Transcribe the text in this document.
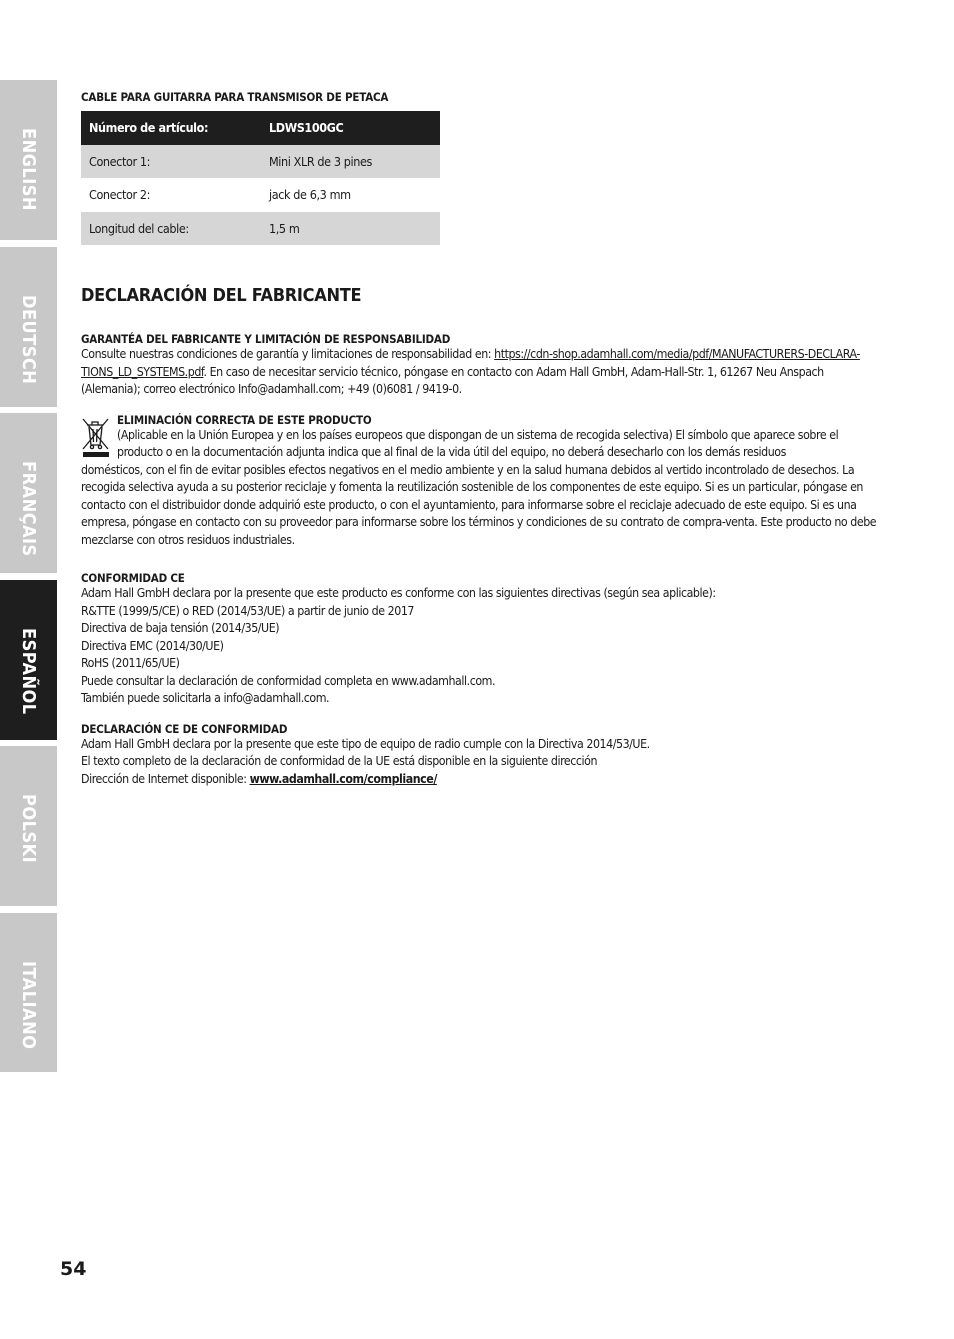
ENGLISH
DEUTSCH
FRANÇAIS
ESPAÑOL
POLSKI
ITALIANO

CABLE PARA GUITARRA PARA TRANSMISOR DE PETACA

Número de artículo:	LDWS100GC
Conector 1:	Mini XLR de 3 pines
Conector 2:	jack de 6,3 mm
Longitud del cable:	1,5 m
DECLARACIÓN DEL FABRICANTE

GARANTÉA DEL FABRICANTE Y LIMITACIÓN DE RESPONSABILIDAD

Consulte nuestras condiciones de garantía y limitaciones de responsabilidad en: https://cdn-shop.adamhall.com/media/pdf/MANUFACTURERS-DECLARA-
TIONS_LD_SYSTEMS.pdf. En caso de necesitar servicio técnico, póngase en contacto con Adam Hall GmbH, Adam-Hall-Str. 1, 61267 Neu Anspach (Alemania); correo electrónico Info@adamhall.com; +49 (0)6081 / 9419-0.

ELIMINACIÓN CORRECTA DE ESTE PRODUCTO

(Aplicable en la Unión Europea y en los países europeos que dispongan de un sistema de recogida selectiva) El símbolo que aparece sobre el

producto o en la documentación adjunta indica que al final de la vida útil del equipo, no deberá desecharlo con los demás residuos

domésticos, con el fin de evitar posibles efectos negativos en el medio ambiente y en la salud humana debidos al vertido incontrolado de desechos. La recogida selectiva ayuda a su posterior reciclaje y fomenta la reutilización sostenible de los componentes de este equipo. Si es un particular, póngase en contacto con el distribuidor donde adquirió este producto, o con el ayuntamiento, para informarse sobre el reciclaje adecuado de este equipo. Si es una empresa, póngase en contacto con su proveedor para informarse sobre los términos y condiciones de su contrato de compra-venta. Este producto no debe mezclarse con otros residuos industriales.

CONFORMIDAD CE

Adam Hall GmbH declara por la presente que este producto es conforme con las siguientes directivas (según sea aplicable):

R&TTE (1999/5/CE) o RED (2014/53/UE) a partir de junio de 2017

Directiva de baja tensión (2014/35/UE)

Directiva EMC (2014/30/UE)

RoHS (2011/65/UE)

Puede consultar la declaración de conformidad completa en www.adamhall.com.

También puede solicitarla a info@adamhall.com.

DECLARACIÓN CE DE CONFORMIDAD

Adam Hall GmbH declara por la presente que este tipo de equipo de radio cumple con la Directiva 2014/53/UE.

El texto completo de la declaración de conformidad de la UE está disponible en la siguiente dirección

Dirección de Internet disponible: www.adamhall.com/compliance/

54
